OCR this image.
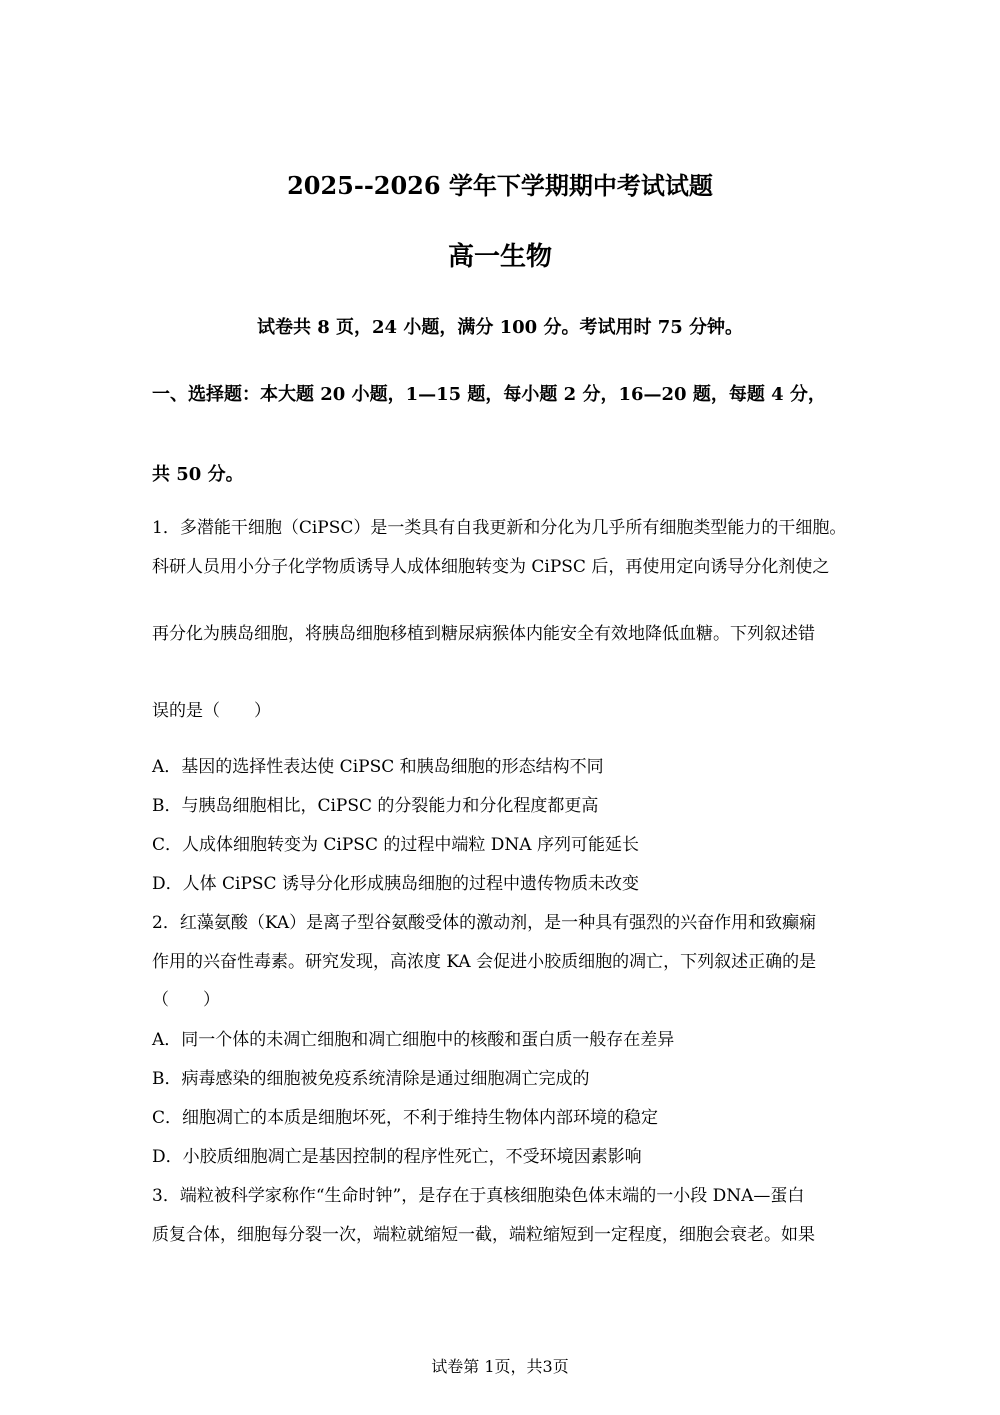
2025--2026 学年下学期期中考试试题
高一生物
试卷共 8 页，24 小题，满分 100 分。考试用时 75 分钟。
一、选择题：本大题 20 小题，1—15 题，每小题 2 分，16—20 题，每题 4 分，
共 50 分。
1．多潜能干细胞（CiPSC）是一类具有自我更新和分化为几乎所有细胞类型能力的干细胞。
科研人员用小分子化学物质诱导人成体细胞转变为 CiPSC 后，再使用定向诱导分化剂使之
再分化为胰岛细胞，将胰岛细胞移植到糖尿病猴体内能安全有效地降低血糖。下列叙述错
误的是（　　）
A．基因的选择性表达使 CiPSC 和胰岛细胞的形态结构不同
B．与胰岛细胞相比，CiPSC 的分裂能力和分化程度都更高
C．人成体细胞转变为 CiPSC 的过程中端粒 DNA 序列可能延长
D．人体 CiPSC 诱导分化形成胰岛细胞的过程中遗传物质未改变
2．红藻氨酸（KA）是离子型谷氨酸受体的激动剂，是一种具有强烈的兴奋作用和致癫痫
作用的兴奋性毒素。研究发现，高浓度 KA 会促进小胶质细胞的凋亡，下列叙述正确的是
（　　）
A．同一个体的未凋亡细胞和凋亡细胞中的核酸和蛋白质一般存在差异
B．病毒感染的细胞被免疫系统清除是通过细胞凋亡完成的
C．细胞凋亡的本质是细胞坏死，不利于维持生物体内部环境的稳定
D．小胶质细胞凋亡是基因控制的程序性死亡，不受环境因素影响
3．端粒被科学家称作“生命时钟”，是存在于真核细胞染色体末端的一小段 DNA—蛋白
质复合体，细胞每分裂一次，端粒就缩短一截，端粒缩短到一定程度，细胞会衰老。如果
试卷第 1页，共3页
